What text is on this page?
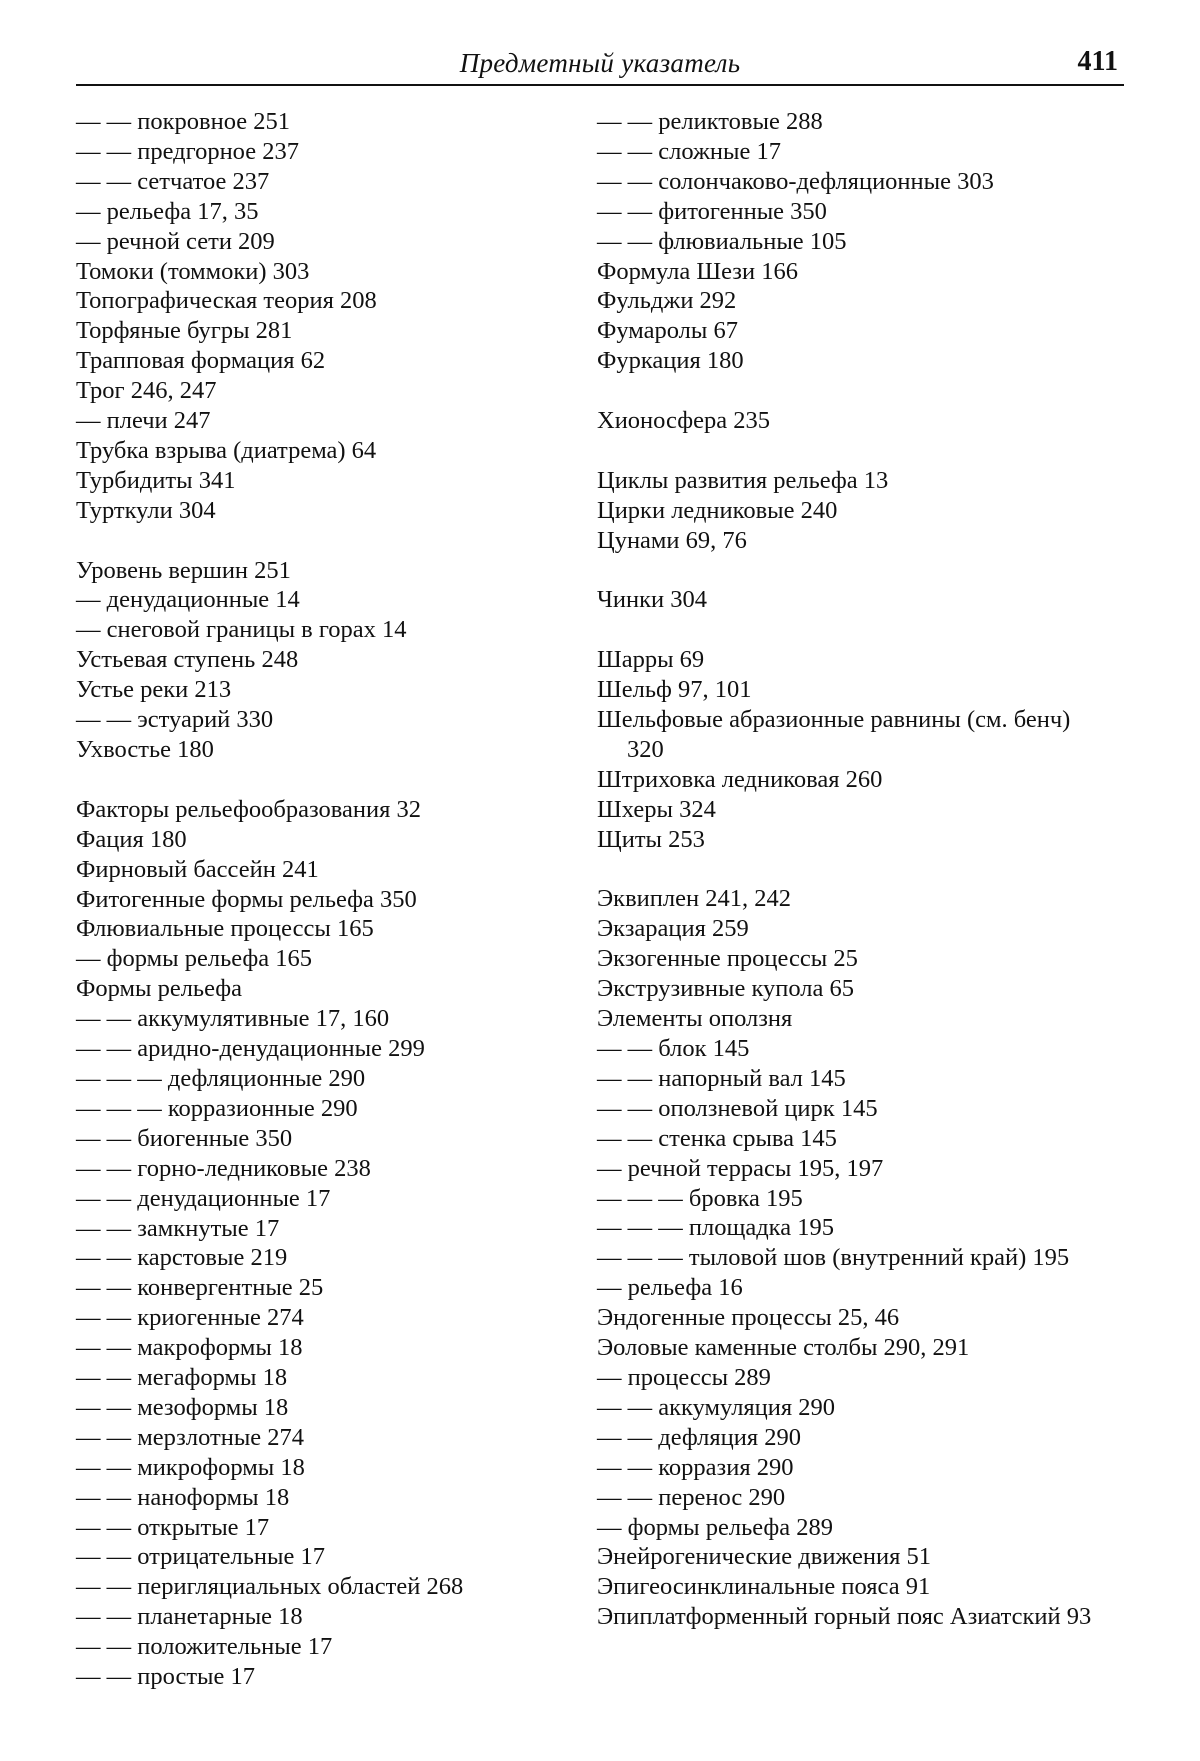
Предметный указатель	411
— — покровное 251
— — предгорное 237
— — сетчатое 237
— рельефа 17, 35
— речной сети 209
Томоки (томмоки) 303
Топографическая теория 208
Торфяные бугры 281
Трапповая формация 62
Трог 246, 247
— плечи 247
Трубка взрыва (диатрема) 64
Турбидиты 341
Турткули 304
Уровень вершин 251
— денудационные 14
— снеговой границы в горах 14
Устьевая ступень 248
Устье реки 213
— — эстуарий 330
Ухвостье 180
Факторы рельефообразования 32
Фация 180
Фирновый бассейн 241
Фитогенные формы рельефа 350
Флювиальные процессы 165
— формы рельефа 165
Формы рельефа
— — аккумулятивные 17, 160
— — аридно-денудационные 299
— — — дефляционные 290
— — — корразионные 290
— — биогенные 350
— — горно-ледниковые 238
— — денудационные 17
— — замкнутые 17
— — карстовые 219
— — конвергентные 25
— — криогенные 274
— — макроформы 18
— — мегаформы 18
— — мезоформы 18
— — мерзлотные 274
— — микроформы 18
— — наноформы 18
— — открытые 17
— — отрицательные 17
— — перигляциальных областей 268
— — планетарные 18
— — положительные 17
— — простые 17
— — реликтовые 288
— — сложные 17
— — солончаково-дефляционные 303
— — фитогенные 350
— — флювиальные 105
Формула Шези 166
Фульджи 292
Фумаролы 67
Фуркация 180
Хионосфера 235
Циклы развития рельефа 13
Цирки ледниковые 240
Цунами 69, 76
Чинки 304
Шарры 69
Шельф 97, 101
Шельфовые абразионные равнины (см. бенч) 320
Штриховка ледниковая 260
Шхеры 324
Щиты 253
Эквиплен 241, 242
Экзарация 259
Экзогенные процессы 25
Экструзивные купола 65
Элементы оползня
— — блок 145
— — напорный вал 145
— — оползневой цирк 145
— — стенка срыва 145
— речной террасы 195, 197
— — — бровка 195
— — — площадка 195
— — — тыловой шов (внутренний край) 195
— рельефа 16
Эндогенные процессы 25, 46
Эоловые каменные столбы 290, 291
— процессы 289
— — аккумуляция 290
— — дефляция 290
— — корразия 290
— — перенос 290
— формы рельефа 289
Энейрогенические движения 51
Эпигеосинклинальные пояса 91
Эпиплатформенный горный пояс Азиатский 93
